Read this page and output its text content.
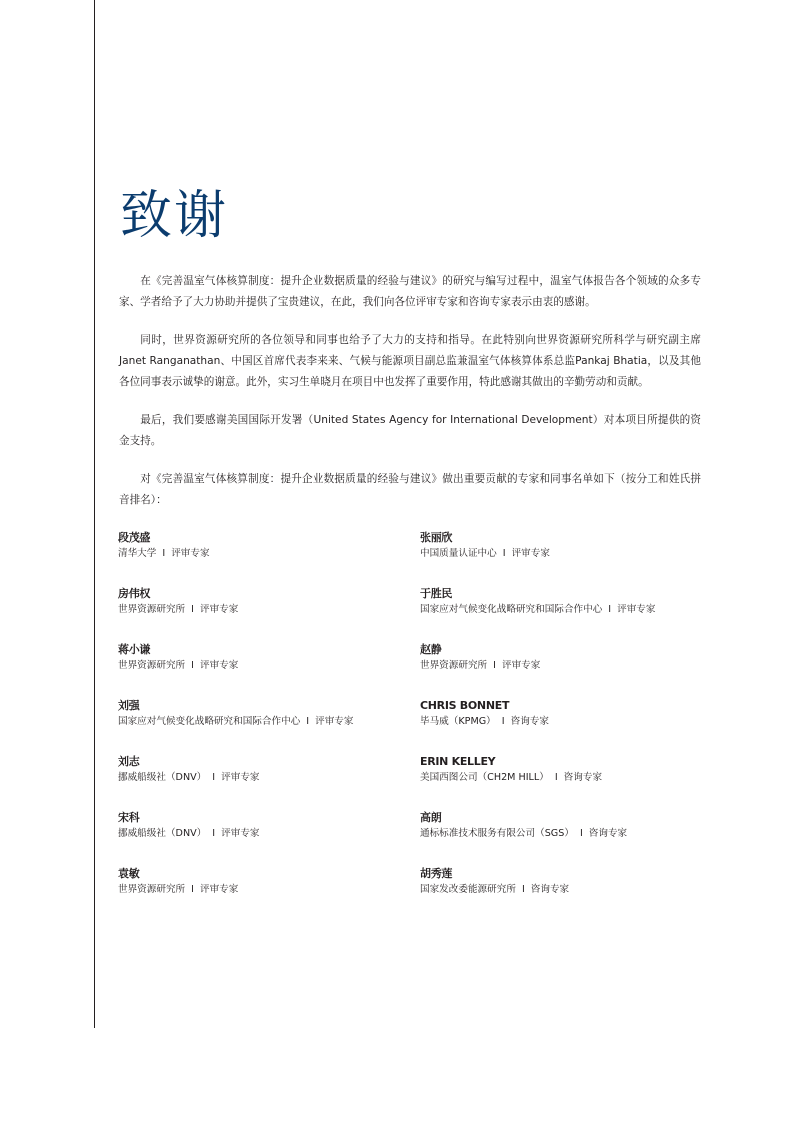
致谢

在《完善温室气体核算制度：提升企业数据质量的经验与建议》的研究与编写过程中，温室气体报告各个领域的众多专家、学者给予了大力协助并提供了宝贵建议，在此，我们向各位评审专家和咨询专家表示由衷的感谢。

同时，世界资源研究所的各位领导和同事也给予了大力的支持和指导。在此特别向世界资源研究所科学与研究副主席Janet Ranganathan、中国区首席代表李来来、气候与能源项目副总监兼温室气体核算体系总监Pankaj Bhatia，以及其他各位同事表示诚挚的谢意。此外，实习生单晓月在项目中也发挥了重要作用，特此感谢其做出的辛勤劳动和贡献。

最后，我们要感谢美国国际开发署（United States Agency for International Development）对本项目所提供的资金支持。

对《完善温室气体核算制度：提升企业数据质量的经验与建议》做出重要贡献的专家和同事名单如下（按分工和姓氏拼音排名）：

段茂盛
清华大学 I 评审专家
房伟权
世界资源研究所 I 评审专家
蒋小谦
世界资源研究所 I 评审专家
刘强
国家应对气候变化战略研究和国际合作中心 I 评审专家
刘志
挪威船级社（DNV） I 评审专家
宋科
挪威船级社（DNV） I 评审专家
袁敏
世界资源研究所 I 评审专家
张丽欣
中国质量认证中心 I 评审专家
于胜民
国家应对气候变化战略研究和国际合作中心 I 评审专家
赵静
世界资源研究所 I 评审专家
CHRIS BONNET
毕马威（KPMG） I 咨询专家
ERIN KELLEY
美国西图公司（CH2M HILL） I 咨询专家
高朗
通标标准技术服务有限公司（SGS） I 咨询专家
胡秀莲
国家发改委能源研究所 I 咨询专家
